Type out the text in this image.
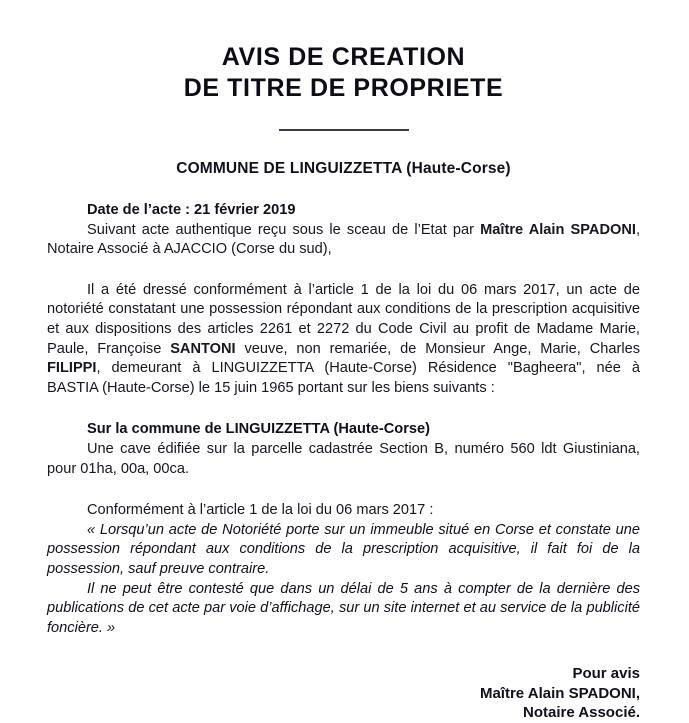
AVIS DE CREATION
DE TITRE DE PROPRIETE
COMMUNE DE LINGUIZZETTA (Haute-Corse)
Date de l’acte : 21 février 2019

Suivant acte authentique reçu sous le sceau de l’Etat par Maître Alain SPADONI, Notaire Associé à AJACCIO (Corse du sud),

Il a été dressé conformément à l’article 1 de la loi du 06 mars 2017, un acte de notoriété constatant une possession répondant aux conditions de la prescription acquisitive et aux dispositions des articles 2261 et 2272 du Code Civil au profit de Madame Marie, Paule, Françoise SANTONI veuve, non remariée, de Monsieur Ange, Marie, Charles FILIPPI, demeurant à LINGUIZZETTA (Haute-Corse) Résidence "Bagheera", née à BASTIA (Haute-Corse) le 15 juin 1965 portant sur les biens suivants :

Sur la commune de LINGUIZZETTA (Haute-Corse)

Une cave édifiée sur la parcelle cadastrée Section B, numéro 560 ldt Giustiniana, pour 01ha, 00a, 00ca.

Conformément à l’article 1 de la loi du 06 mars 2017 :

« Lorsqu’un acte de Notoriété porte sur un immeuble situé en Corse et constate une possession répondant aux conditions de la prescription acquisitive, il fait foi de la possession, sauf preuve contraire.

Il ne peut être contesté que dans un délai de 5 ans à compter de la dernière des publications de cet acte par voie d’affichage, sur un site internet et au service de la publicité foncière. »

Pour avis
Maître Alain SPADONI,
Notaire Associé.
